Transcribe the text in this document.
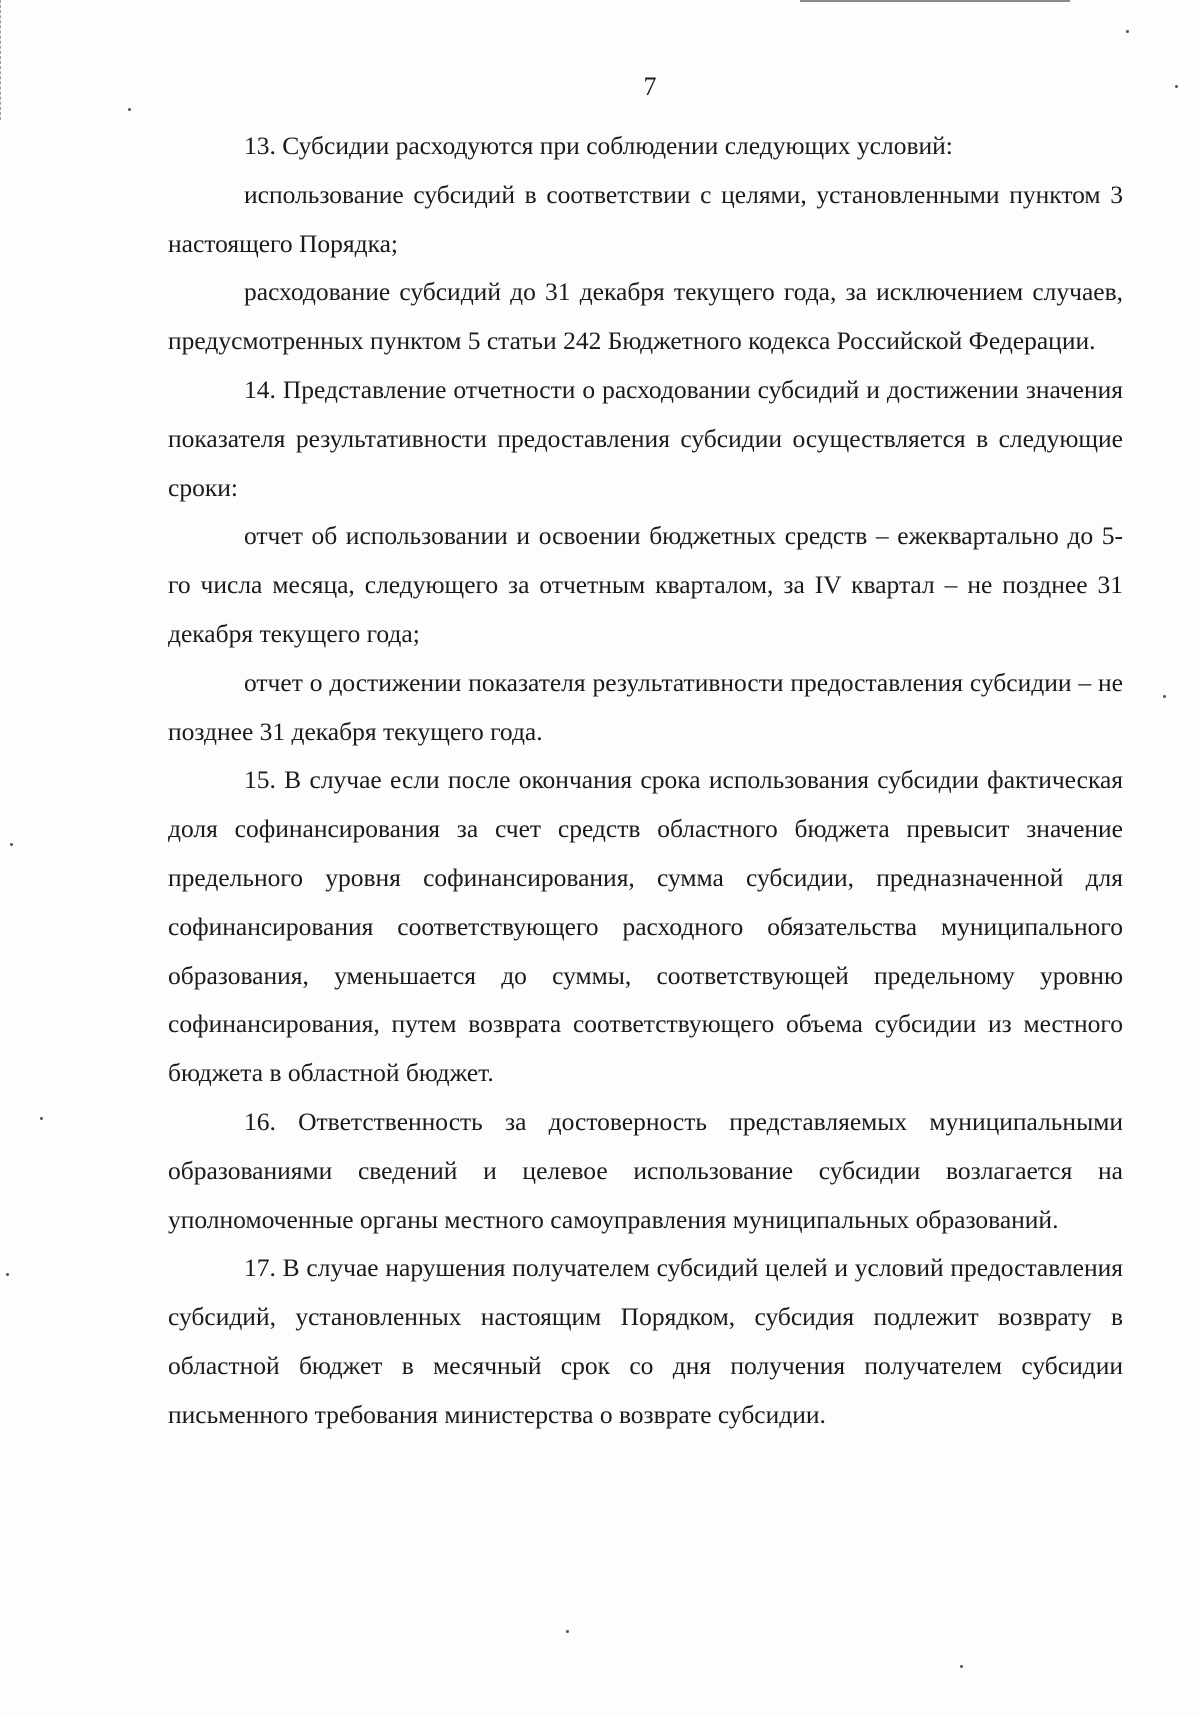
7

13. Субсидии расходуются при соблюдении следующих условий:

использование субсидий в соответствии с целями, установленными пунктом 3 настоящего Порядка;

расходование субсидий до 31 декабря текущего года, за исключением случаев, предусмотренных пунктом 5 статьи 242 Бюджетного кодекса Российской Федерации.

14. Представление отчетности о расходовании субсидий и достижении значения показателя результативности предоставления субсидии осуществляется в следующие сроки:

отчет об использовании и освоении бюджетных средств – ежеквартально до 5-го числа месяца, следующего за отчетным кварталом, за IV квартал – не позднее 31 декабря текущего года;

отчет о достижении показателя результативности предоставления субсидии – не позднее 31 декабря текущего года.

15. В случае если после окончания срока использования субсидии фактическая доля софинансирования за счет средств областного бюджета превысит значение предельного уровня софинансирования, сумма субсидии, предназначенной для софинансирования соответствующего расходного обязательства муниципального образования, уменьшается до суммы, соответствующей предельному уровню софинансирования, путем возврата соответствующего объема субсидии из местного бюджета в областной бюджет.

16. Ответственность за достоверность представляемых муниципальными образованиями сведений и целевое использование субсидии возлагается на уполномоченные органы местного самоуправления муниципальных образований.

17. В случае нарушения получателем субсидий целей и условий предоставления субсидий, установленных настоящим Порядком, субсидия подлежит возврату в областной бюджет в месячный срок со дня получения получателем субсидии письменного требования министерства о возврате субсидии.
